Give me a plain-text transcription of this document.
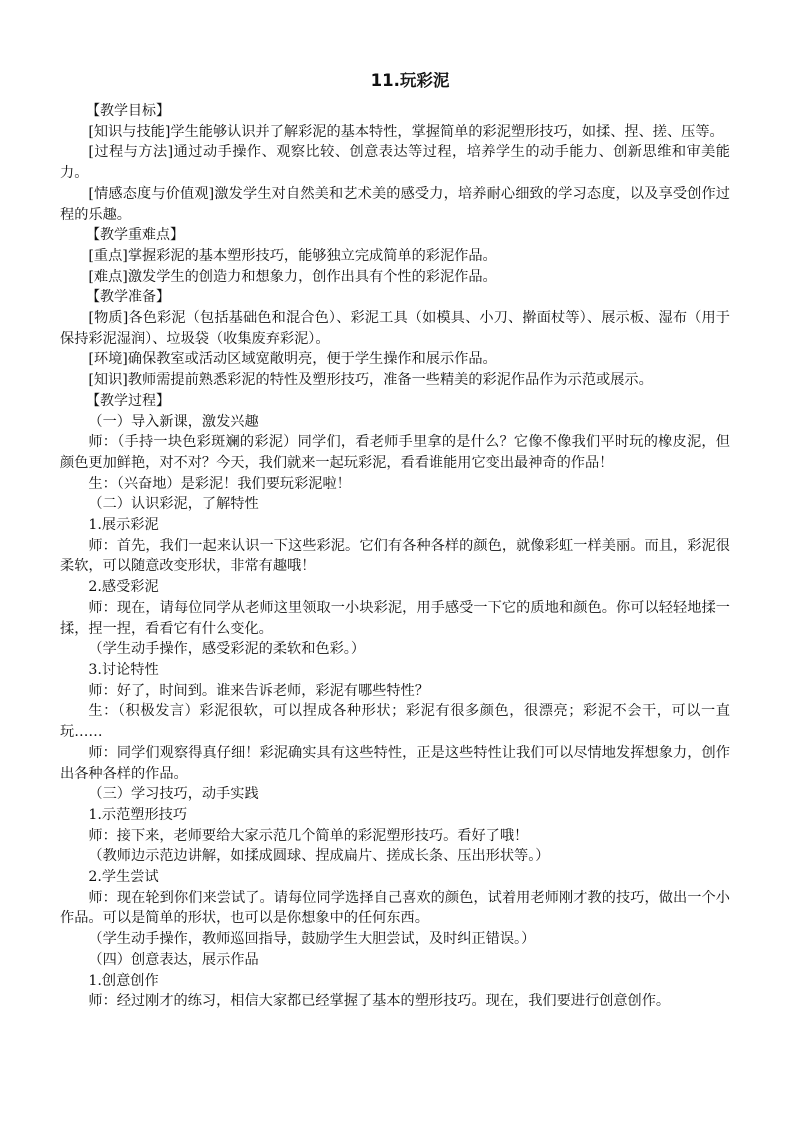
11.玩彩泥
【教学目标】
[知识与技能]学生能够认识并了解彩泥的基本特性，掌握简单的彩泥塑形技巧，如揉、捏、搓、压等。
[过程与方法]通过动手操作、观察比较、创意表达等过程，培养学生的动手能力、创新思维和审美能力。
[情感态度与价值观]激发学生对自然美和艺术美的感受力，培养耐心细致的学习态度，以及享受创作过程的乐趣。
【教学重难点】
[重点]掌握彩泥的基本塑形技巧，能够独立完成简单的彩泥作品。
[难点]激发学生的创造力和想象力，创作出具有个性的彩泥作品。
【教学准备】
[物质]各色彩泥（包括基础色和混合色）、彩泥工具（如模具、小刀、擀面杖等）、展示板、湿布（用于保持彩泥湿润）、垃圾袋（收集废弃彩泥）。
[环境]确保教室或活动区域宽敞明亮，便于学生操作和展示作品。
[知识]教师需提前熟悉彩泥的特性及塑形技巧，准备一些精美的彩泥作品作为示范或展示。
【教学过程】
（一）导入新课，激发兴趣
师：（手持一块色彩斑斓的彩泥）同学们，看老师手里拿的是什么？它像不像我们平时玩的橡皮泥，但颜色更加鲜艳，对不对？今天，我们就来一起玩彩泥，看看谁能用它变出最神奇的作品！
生：（兴奋地）是彩泥！我们要玩彩泥啦！
（二）认识彩泥，了解特性
1.展示彩泥
师：首先，我们一起来认识一下这些彩泥。它们有各种各样的颜色，就像彩虹一样美丽。而且，彩泥很柔软，可以随意改变形状，非常有趣哦！
2.感受彩泥
师：现在，请每位同学从老师这里领取一小块彩泥，用手感受一下它的质地和颜色。你可以轻轻地揉一揉，捏一捏，看看它有什么变化。
（学生动手操作，感受彩泥的柔软和色彩。）
3.讨论特性
师：好了，时间到。谁来告诉老师，彩泥有哪些特性？
生：（积极发言）彩泥很软，可以捏成各种形状；彩泥有很多颜色，很漂亮；彩泥不会干，可以一直玩……
师：同学们观察得真仔细！彩泥确实具有这些特性，正是这些特性让我们可以尽情地发挥想象力，创作出各种各样的作品。
（三）学习技巧，动手实践
1.示范塑形技巧
师：接下来，老师要给大家示范几个简单的彩泥塑形技巧。看好了哦！
（教师边示范边讲解，如揉成圆球、捏成扁片、搓成长条、压出形状等。）
2.学生尝试
师：现在轮到你们来尝试了。请每位同学选择自己喜欢的颜色，试着用老师刚才教的技巧，做出一个小作品。可以是简单的形状，也可以是你想象中的任何东西。
（学生动手操作，教师巡回指导，鼓励学生大胆尝试，及时纠正错误。）
（四）创意表达，展示作品
1.创意创作
师：经过刚才的练习，相信大家都已经掌握了基本的塑形技巧。现在，我们要进行创意创作。
